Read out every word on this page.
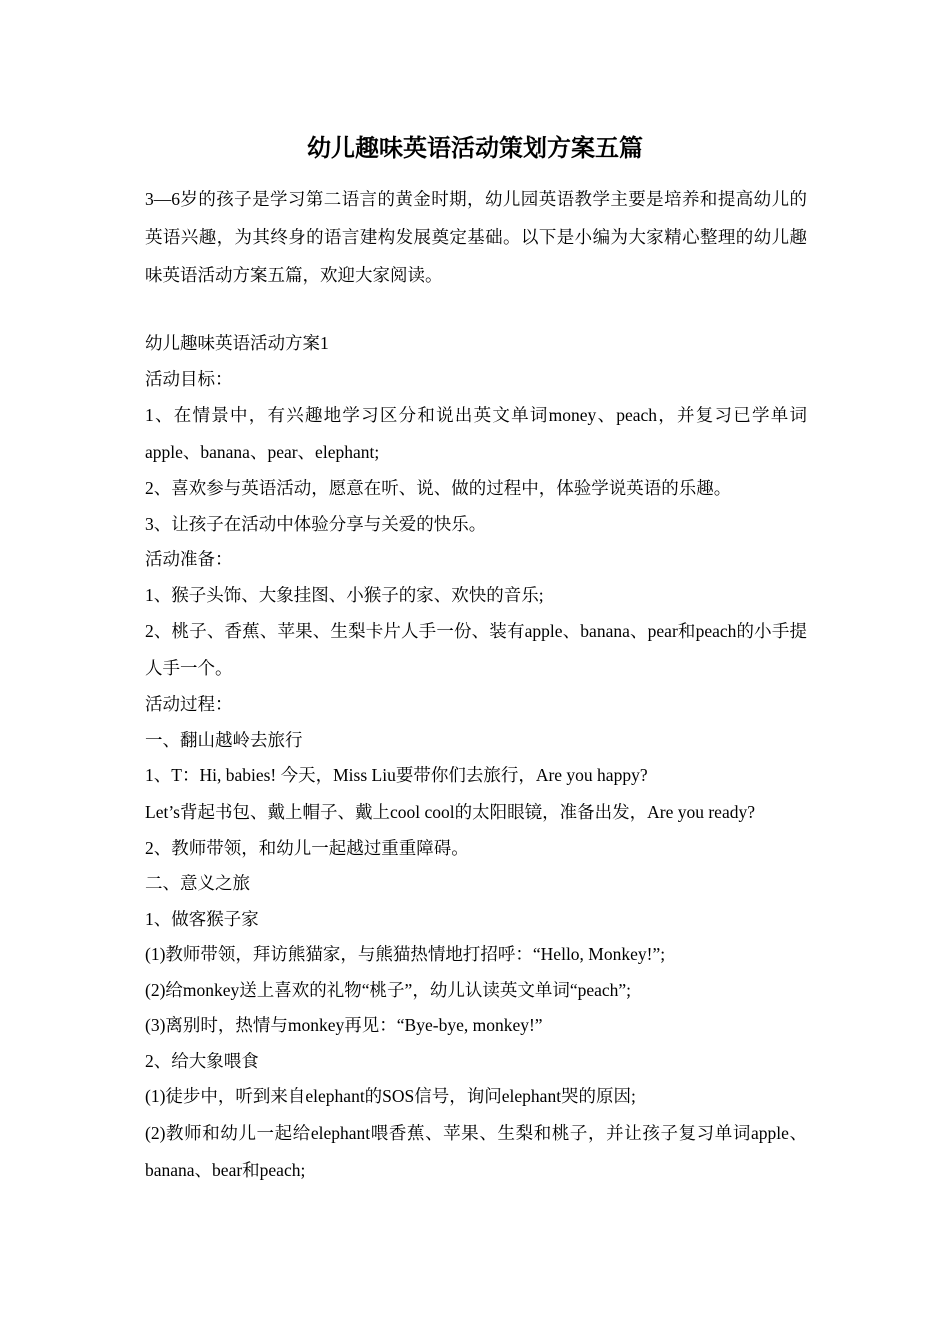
幼儿趣味英语活动策划方案五篇

3—6岁的孩子是学习第二语言的黄金时期，幼儿园英语教学主要是培养和提高幼儿的英语兴趣，为其终身的语言建构发展奠定基础。以下是小编为大家精心整理的幼儿趣味英语活动方案五篇，欢迎大家阅读。

幼儿趣味英语活动方案1

活动目标：

1、在情景中，有兴趣地学习区分和说出英文单词money、peach，并复习已学单词apple、banana、pear、elephant;

2、喜欢参与英语活动，愿意在听、说、做的过程中，体验学说英语的乐趣。

3、让孩子在活动中体验分享与关爱的快乐。

活动准备：

1、猴子头饰、大象挂图、小猴子的家、欢快的音乐;

2、桃子、香蕉、苹果、生梨卡片人手一份、装有apple、banana、pear和peach的小手提人手一个。

活动过程：

一、翻山越岭去旅行

1、T：Hi, babies! 今天，Miss Liu要带你们去旅行，Are you happy?

Let’s背起书包、戴上帽子、戴上cool cool的太阳眼镜，准备出发，Are you ready?

2、教师带领，和幼儿一起越过重重障碍。

二、意义之旅

1、做客猴子家

(1)教师带领，拜访熊猫家，与熊猫热情地打招呼：“Hello, Monkey!”;

(2)给monkey送上喜欢的礼物“桃子”，幼儿认读英文单词“peach”;

(3)离别时，热情与monkey再见：“Bye-bye, monkey!”

2、给大象喂食

(1)徒步中，听到来自elephant的SOS信号，询问elephant哭的原因;

(2)教师和幼儿一起给elephant喂香蕉、苹果、生梨和桃子，并让孩子复习单词apple、banana、bear和peach;
